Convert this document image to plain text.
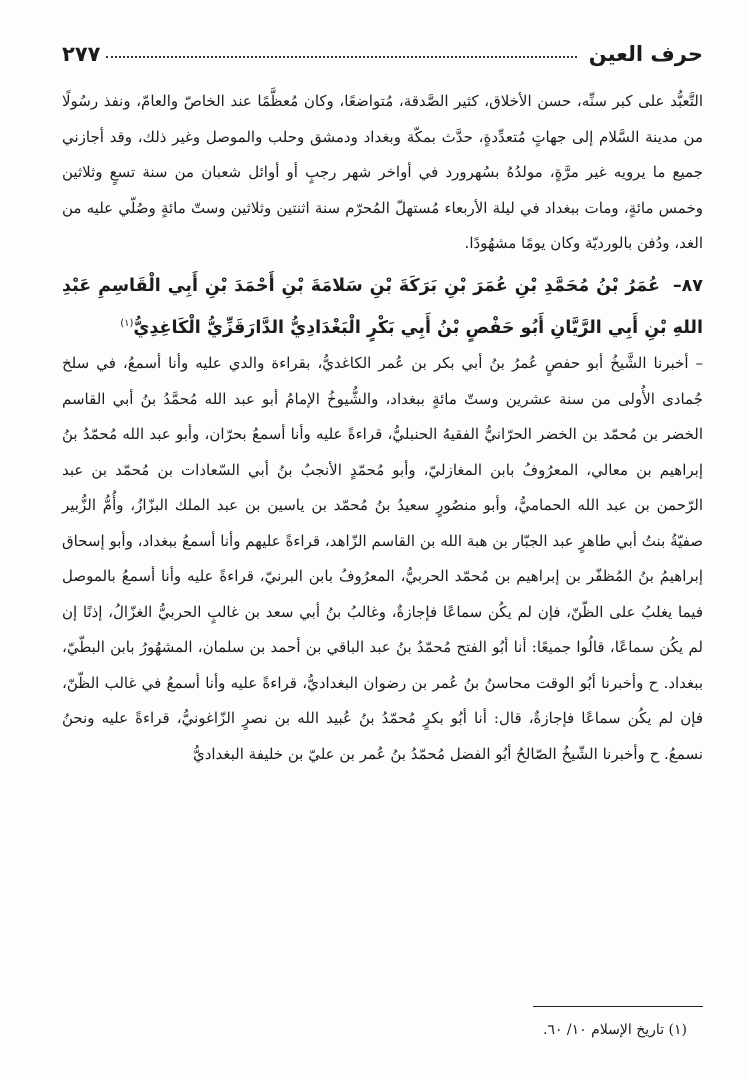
حرف العين
٢٧٧

التَّعبُّد على كبر سنِّه، حسن الأخلاق، كثير الصَّدقة، مُتواضعًا، وكان مُعظَّمًا عند الخاصّ والعامّ، ونفذ رسُولًا من مدينة السَّلام إلى جهاتٍ مُتعدِّدةٍ، حدَّث بمكّة وبغداد ودمشق وحلب والموصل وغير ذلك، وقد أجازني جميع ما يرويه غير مرَّةٍ، مولدُهُ بسُهرورد في أواخر شهر رجبٍ أو أوائل شعبان من سنة تسعٍ وثلاثين وخمس مائةٍ، ومات ببغداد في ليلة الأربعاء مُستهلّ المُحرّم سنة اثنتين وثلاثين وستّ مائةٍ وصُلّي عليه من الغد، ودُفن بالورديّة وكان يومًا مشهُودًا.

٨٧– عُمَرُ بْنُ مُحَمَّدِ بْنِ عُمَرَ بْنِ بَرَكَةَ بْنِ سَلامَةَ بْنِ أَحْمَدَ بْنِ أَبِي الْقَاسِمِ عَبْدِ اللهِ بْنِ أَبِي الرَّيَّانِ أَبُو حَفْصٍ بْنُ أَبِي بَكْرٍ الْبَغْدَادِيُّ الدَّارَقَزِّيُّ الْكَاغِدِيُّ$^{(١)}$

– أخبرنا الشَّيخُ أبو حفصٍ عُمرُ بنُ أبي بكر بن عُمر الكاغديُّ، بقراءة والدي عليه وأنا أسمعُ، في سلخ جُمادى الأُولى من سنة عشرين وستّ مائةٍ ببغداد، والشُّيوخُ الإمامُ أبو عبد الله مُحمَّدُ بنُ أبي القاسم الخضر بن مُحمّد بن الخضر الحرّانيُّ الفقيهُ الحنبليُّ، قراءةً عليه وأنا أسمعُ بحرّان، وأبو عبد الله مُحمّدُ بنُ إبراهيم بن معالي، المعرُوفُ بابن المغازليّ، وأبو مُحمّدٍ الأنجبُ بنُ أبي السّعادات بن مُحمّد بن عبد الرّحمن بن عبد الله الحماميُّ، وأبو منصُورٍ سعيدُ بنُ مُحمّد بن ياسين بن عبد الملك البزّازُ، وأُمُّ الزُّبير صفيّةُ بنتُ أبي طاهرٍ عبد الجبّار بن هبة الله بن القاسم الزّاهد، قراءةً عليهم وأنا أسمعُ ببغداد، وأبو إسحاق إبراهيمُ بنُ المُظفّر بن إبراهيم بن مُحمّد الحربيُّ، المعرُوفُ بابن البرنيّ، قراءةً عليه وأنا أسمعُ بالموصل فيما يغلبُ على الظّنّ، فإن لم يكُن سماعًا فإجازةٌ، وغالبُ بنُ أبي سعد بن غالبٍ الحربيُّ الغزّالُ، إذنًا إن لم يكُن سماعًا، قالُوا جميعًا: أنا أبُو الفتح مُحمّدُ بنُ عبد الباقي بن أحمد بن سلمان، المشهُورُ بابن البطّيّ، ببغداد. ح وأخبرنا أبُو الوقت محاسنُ بنُ عُمر بن رضوان البغداديُّ، قراءةً عليه وأنا أسمعُ في غالب الظّنّ، فإن لم يكُن سماعًا فإجازةٌ، قال: أنا أبُو بكرٍ مُحمّدُ بنُ عُبيد الله بن نصرٍ الزّاغونيُّ، قراءةً عليه ونحنُ نسمعُ. ح وأخبرنا الشّيخُ الصّالحُ أبُو الفضل مُحمّدُ بنُ عُمر بن عليّ بن خليفة البغداديُّ

(١) تاريخ الإسلام ١٠/ ٦٠.
